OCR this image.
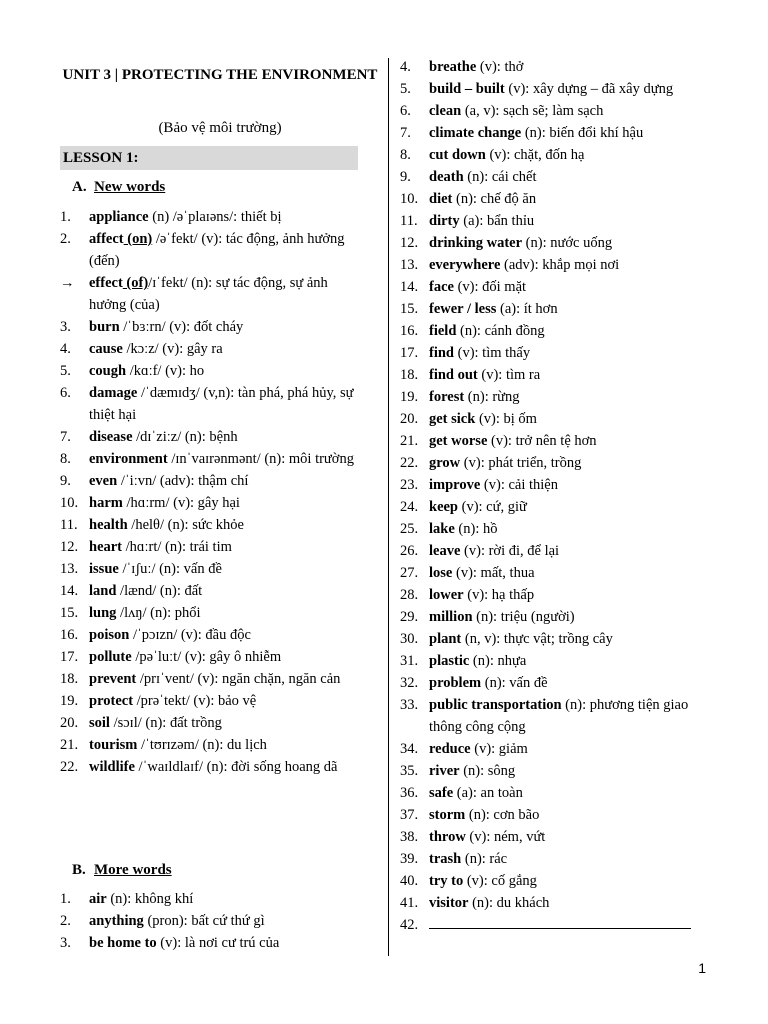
UNIT 3 | PROTECTING THE ENVIRONMENT
(Bảo vệ môi trường)
LESSON 1:
A. New words
1. appliance (n) /əˈplaɪəns/: thiết bị
2. affect (on) /əˈfekt/ (v): tác động, ảnh hưởng (đến)
→ effect (of)/ɪˈfekt/ (n): sự tác động, sự ảnh hưởng (của)
3. burn /ˈbɜːrn/ (v): đốt cháy
4. cause /kɔːz/ (v): gây ra
5. cough /kɑːf/ (v): ho
6. damage /ˈdæmɪdʒ/ (v,n): tàn phá, phá hủy, sự thiệt hại
7. disease /dɪˈziːz/ (n): bệnh
8. environment /ɪnˈvaɪrənmənt/ (n): môi trường
9. even /ˈiːvn/ (adv): thậm chí
10. harm /hɑːrm/ (v): gây hại
11. health /helθ/ (n): sức khỏe
12. heart /hɑːrt/ (n): trái tim
13. issue /ˈɪʃuː/ (n): vấn đề
14. land /lænd/ (n): đất
15. lung /lʌŋ/ (n): phổi
16. poison /ˈpɔɪzn/ (v): đầu độc
17. pollute /pəˈluːt/ (v): gây ô nhiễm
18. prevent /prɪˈvent/ (v): ngăn chặn, ngăn cản
19. protect /prəˈtekt/ (v): bảo vệ
20. soil /sɔɪl/ (n): đất trồng
21. tourism /ˈtʊrɪzəm/ (n): du lịch
22. wildlife /ˈwaɪldlaɪf/ (n): đời sống hoang dã
B. More words
1. air (n): không khí
2. anything (pron): bất cứ thứ gì
3. be home to (v): là nơi cư trú của
4. breathe (v): thở
5. build – built (v): xây dựng – đã xây dựng
6. clean (a, v): sạch sẽ; làm sạch
7. climate change (n): biến đổi khí hậu
8. cut down (v): chặt, đốn hạ
9. death (n): cái chết
10. diet (n): chế độ ăn
11. dirty (a): bẩn thỉu
12. drinking water (n): nước uống
13. everywhere (adv): khắp mọi nơi
14. face (v): đối mặt
15. fewer / less (a): ít hơn
16. field (n): cánh đồng
17. find (v): tìm thấy
18. find out (v): tìm ra
19. forest (n): rừng
20. get sick (v): bị ốm
21. get worse (v): trở nên tệ hơn
22. grow (v): phát triển, trồng
23. improve (v): cải thiện
24. keep (v): cứ, giữ
25. lake (n): hồ
26. leave (v): rời đi, để lại
27. lose (v): mất, thua
28. lower (v): hạ thấp
29. million (n): triệu (người)
30. plant (n, v): thực vật; trồng cây
31. plastic (n): nhựa
32. problem (n): vấn đề
33. public transportation (n): phương tiện giao thông công cộng
34. reduce (v): giảm
35. river (n): sông
36. safe (a): an toàn
37. storm (n): cơn bão
38. throw (v): ném, vứt
39. trash (n): rác
40. try to (v): cố gắng
41. visitor (n): du khách
42.
1
